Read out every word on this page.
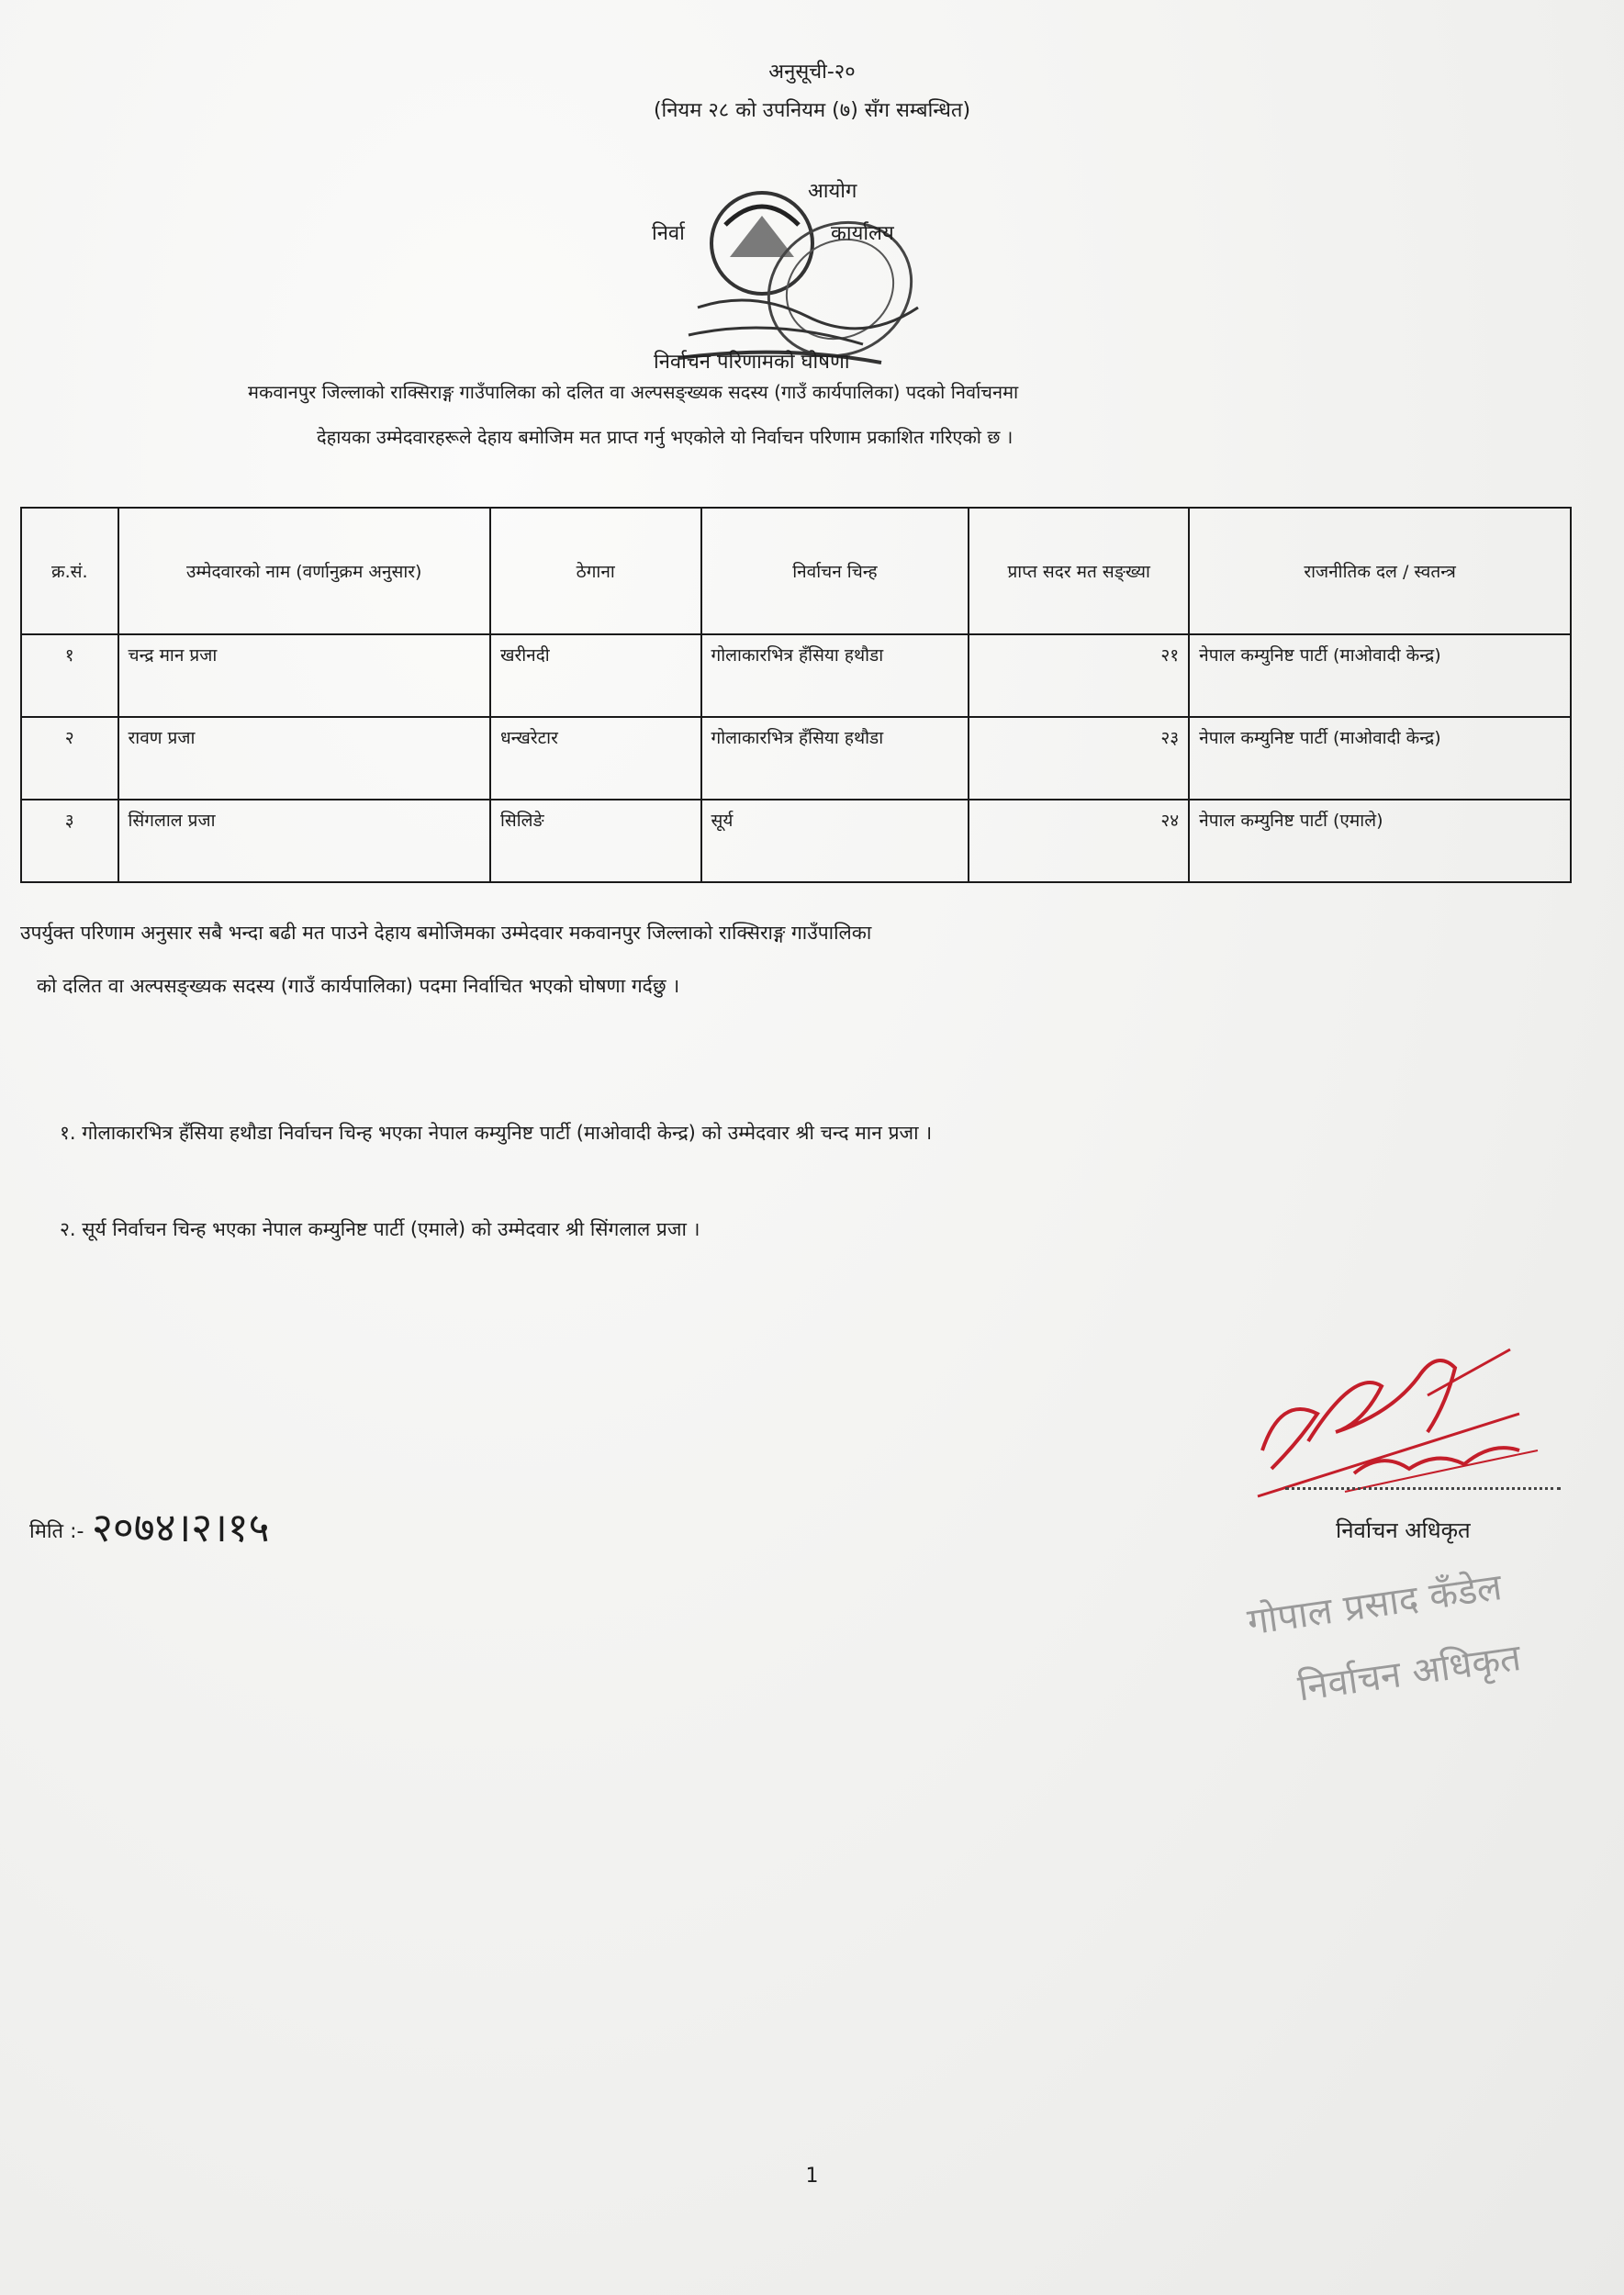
अनुसूची-२०
(नियम २८ को उपनियम (७) सँग सम्बन्धित)
आयोग
निर्वा	कार्यालय
निर्वाचन परिणामको घोषणा
मकवानपुर जिल्लाको राक्सिराङ्ग गाउँपालिका को दलित वा अल्पसङ्ख्यक सदस्य (गाउँ कार्यपालिका) पदको निर्वाचनमा
देहायका उम्मेदवारहरूले देहाय बमोजिम मत प्राप्त गर्नु भएकोले यो निर्वाचन परिणाम प्रकाशित गरिएको छ ।
क्र.सं.	उम्मेदवारको नाम (वर्णानुक्रम अनुसार)	ठेगाना	निर्वाचन चिन्ह	प्राप्त सदर मत सङ्ख्या	राजनीतिक दल / स्वतन्त्र
१	चन्द्र मान प्रजा	खरीनदी	गोलाकारभित्र हँसिया हथौडा	२१	नेपाल कम्युनिष्ट पार्टी (माओवादी केन्द्र)
२	रावण प्रजा	धन्खरेटार	गोलाकारभित्र हँसिया हथौडा	२३	नेपाल कम्युनिष्ट पार्टी (माओवादी केन्द्र)
३	सिंगलाल प्रजा	सिलिङे	सूर्य	२४	नेपाल कम्युनिष्ट पार्टी (एमाले)
उपर्युक्त परिणाम अनुसार सबै भन्दा बढी मत पाउने देहाय बमोजिमका उम्मेदवार मकवानपुर जिल्लाको राक्सिराङ्ग गाउँपालिका
को दलित वा अल्पसङ्ख्यक सदस्य (गाउँ कार्यपालिका) पदमा निर्वाचित भएको घोषणा गर्दछु ।
१. गोलाकारभित्र हँसिया हथौडा निर्वाचन चिन्ह भएका नेपाल कम्युनिष्ट पार्टी (माओवादी केन्द्र) को उम्मेदवार श्री चन्द मान प्रजा ।
२. सूर्य निर्वाचन चिन्ह भएका नेपाल कम्युनिष्ट पार्टी (एमाले) को उम्मेदवार श्री सिंगलाल प्रजा ।
मिति :- २०७४।२।१५	निर्वाचन अधिकृत
गोपाल प्रसाद कँडेल
निर्वाचन अधिकृत
1
